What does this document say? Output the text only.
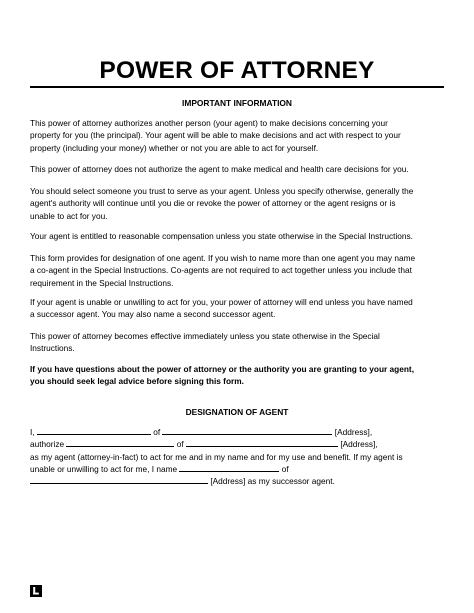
POWER OF ATTORNEY
IMPORTANT INFORMATION

This power of attorney authorizes another person (your agent) to make decisions concerning your
property for you (the principal). Your agent will be able to make decisions and act with respect to your
property (including your money) whether or not you are able to act for yourself.

This power of attorney does not authorize the agent to make medical and health care decisions for you.

You should select someone you trust to serve as your agent. Unless you specify otherwise, generally the
agent's authority will continue until you die or revoke the power of attorney or the agent resigns or is
unable to act for you.

Your agent is entitled to reasonable compensation unless you state otherwise in the Special Instructions.

This form provides for designation of one agent. If you wish to name more than one agent you may name
a co-agent in the Special Instructions. Co-agents are not required to act together unless you include that
requirement in the Special Instructions.

If your agent is unable or unwilling to act for you, your power of attorney will end unless you have named
a successor agent. You may also name a second successor agent.

This power of attorney becomes effective immediately unless you state otherwise in the Special
Instructions.

If you have questions about the power of attorney or the authority you are granting to your agent,
you should seek legal advice before signing this form.

DESIGNATION OF AGENT

I,	of	[Address],
authorize	of	[Address],
as my agent (attorney-in-fact) to act for me and in my name and for my use and benefit. If my agent is
unable or unwilling to act for me, I name	of
[Address] as my successor agent.
